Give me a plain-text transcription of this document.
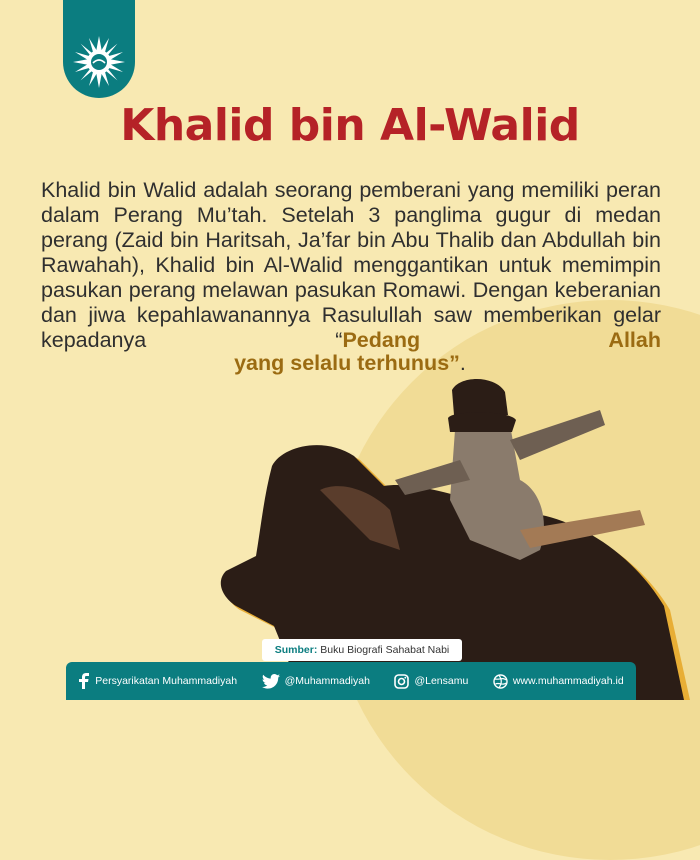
Khalid bin Al-Walid
Khalid bin Walid adalah seorang pemberani yang memiliki peran dalam Perang Mu’tah. Setelah 3 panglima gugur di medan perang (Zaid bin Haritsah, Ja’far bin Abu Thalib dan Abdullah bin Rawahah), Khalid bin Al-Walid menggantikan untuk memimpin pasukan perang melawan pasukan Romawi. Dengan keberanian dan jiwa kepahlawanannya Rasulullah saw memberikan gelar kepadanya “Pedang Allah
yang selalu terhunus”.
Sumber: Buku Biografi Sahabat Nabi
Persyarikatan Muhammadiyah	@Muhammadiyah	@Lensamu	www.muhammadiyah.id
